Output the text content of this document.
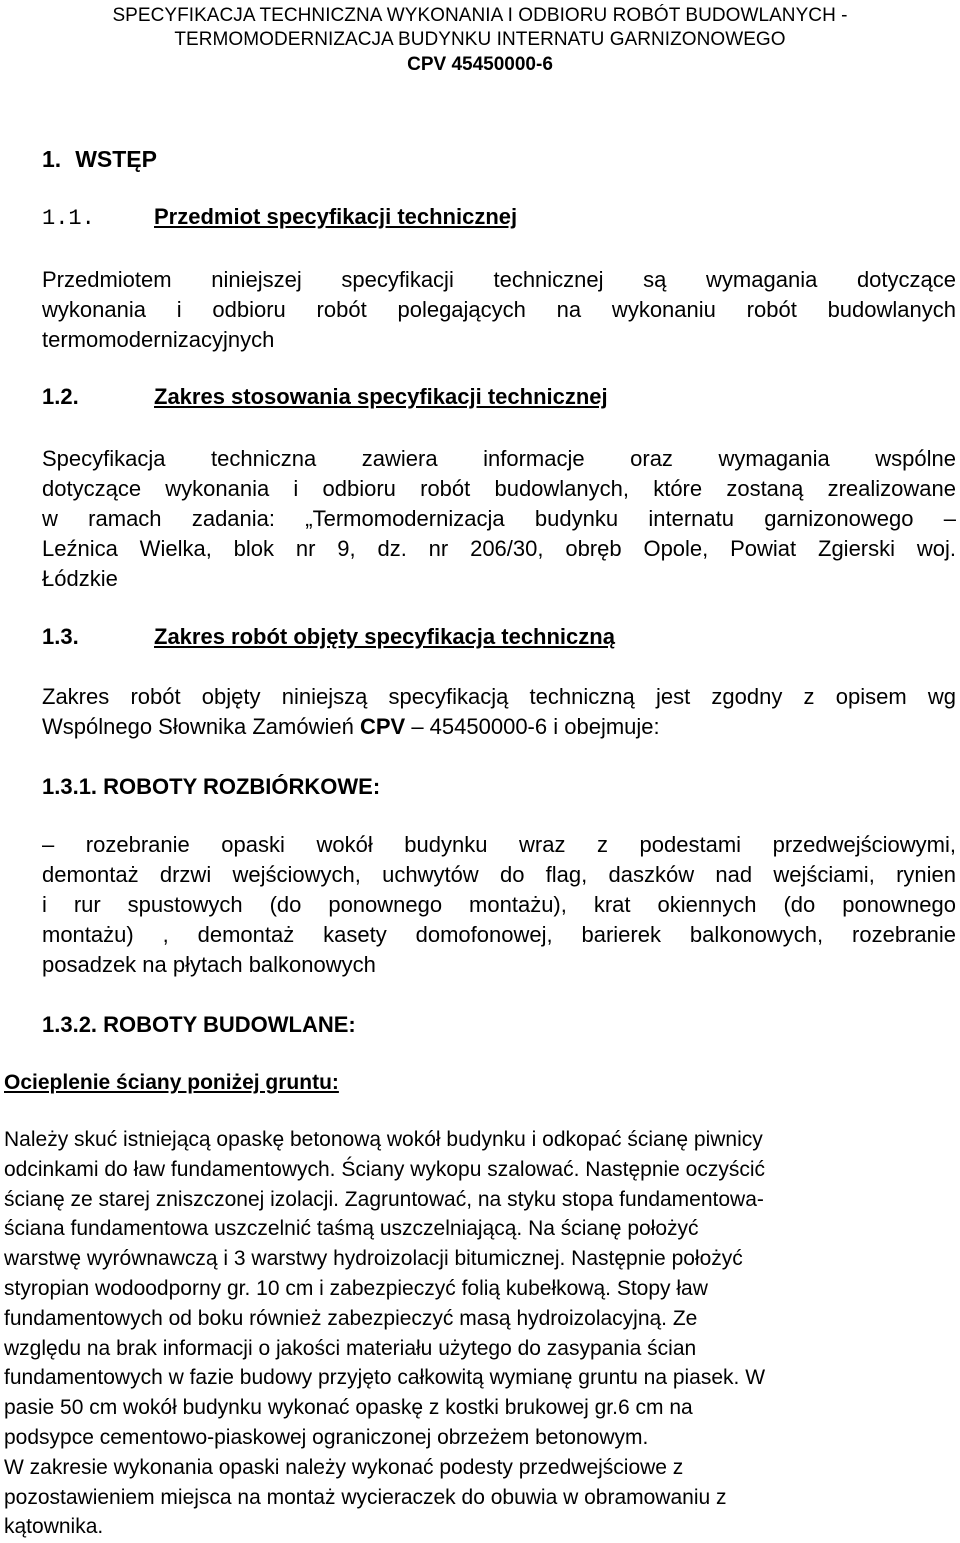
SPECYFIKACJA TECHNICZNA WYKONANIA I ODBIORU ROBÓT BUDOWLANYCH -
TERMOMODERNIZACJA BUDYNKU INTERNATU GARNIZONOWEGO
CPV 45450000-6
1. WSTĘP
1.1.	Przedmiot specyfikacji technicznej
Przedmiotem niniejszej specyfikacji technicznej są wymagania dotyczące
wykonania i odbioru robót polegających na wykonaniu robót budowlanych
termomodernizacyjnych
1.2.	Zakres stosowania specyfikacji technicznej
Specyfikacja techniczna zawiera informacje oraz wymagania wspólne
dotyczące wykonania i odbioru robót budowlanych, które zostaną zrealizowane
w ramach zadania: „Termomodernizacja budynku internatu garnizonowego –
Leźnica Wielka, blok nr 9, dz. nr 206/30, obręb Opole, Powiat Zgierski woj.
Łódzkie
1.3.	Zakres robót objęty specyfikacja techniczną
Zakres robót objęty niniejszą specyfikacją techniczną jest zgodny z opisem wg
Wspólnego Słownika Zamówień CPV – 45450000-6 i obejmuje:
1.3.1. ROBOTY ROZBIÓRKOWE:
– rozebranie opaski wokół budynku wraz z podestami przedwejściowymi,
demontaż drzwi wejściowych, uchwytów do flag, daszków nad wejściami, rynien
i rur spustowych (do ponownego montażu), krat okiennych (do ponownego
montażu) , demontaż kasety domofonowej, barierek balkonowych, rozebranie
posadzek na płytach balkonowych
1.3.2. ROBOTY BUDOWLANE:
Ocieplenie ściany poniżej gruntu:
Należy skuć istniejącą opaskę betonową wokół budynku i odkopać ścianę piwnicy
odcinkami do ław fundamentowych. Ściany wykopu szalować. Następnie oczyścić
ścianę ze starej zniszczonej izolacji. Zagruntować, na styku stopa fundamentowa-
ściana fundamentowa uszczelnić taśmą uszczelniającą. Na ścianę położyć
warstwę wyrównawczą i 3 warstwy hydroizolacji bitumicznej. Następnie położyć
styropian wodoodporny gr. 10 cm i zabezpieczyć folią kubełkową. Stopy ław
fundamentowych od boku również zabezpieczyć masą hydroizolacyjną. Ze
względu na brak informacji o jakości materiału użytego do zasypania ścian
fundamentowych w fazie budowy przyjęto całkowitą wymianę gruntu na piasek. W
pasie 50 cm wokół budynku wykonać opaskę z kostki brukowej gr.6 cm na
podsypce cementowo-piaskowej ograniczonej obrzeżem betonowym.
W zakresie wykonania opaski należy wykonać podesty przedwejściowe z
pozostawieniem miejsca na montaż wycieraczek do obuwia w obramowaniu z
kątownika.
